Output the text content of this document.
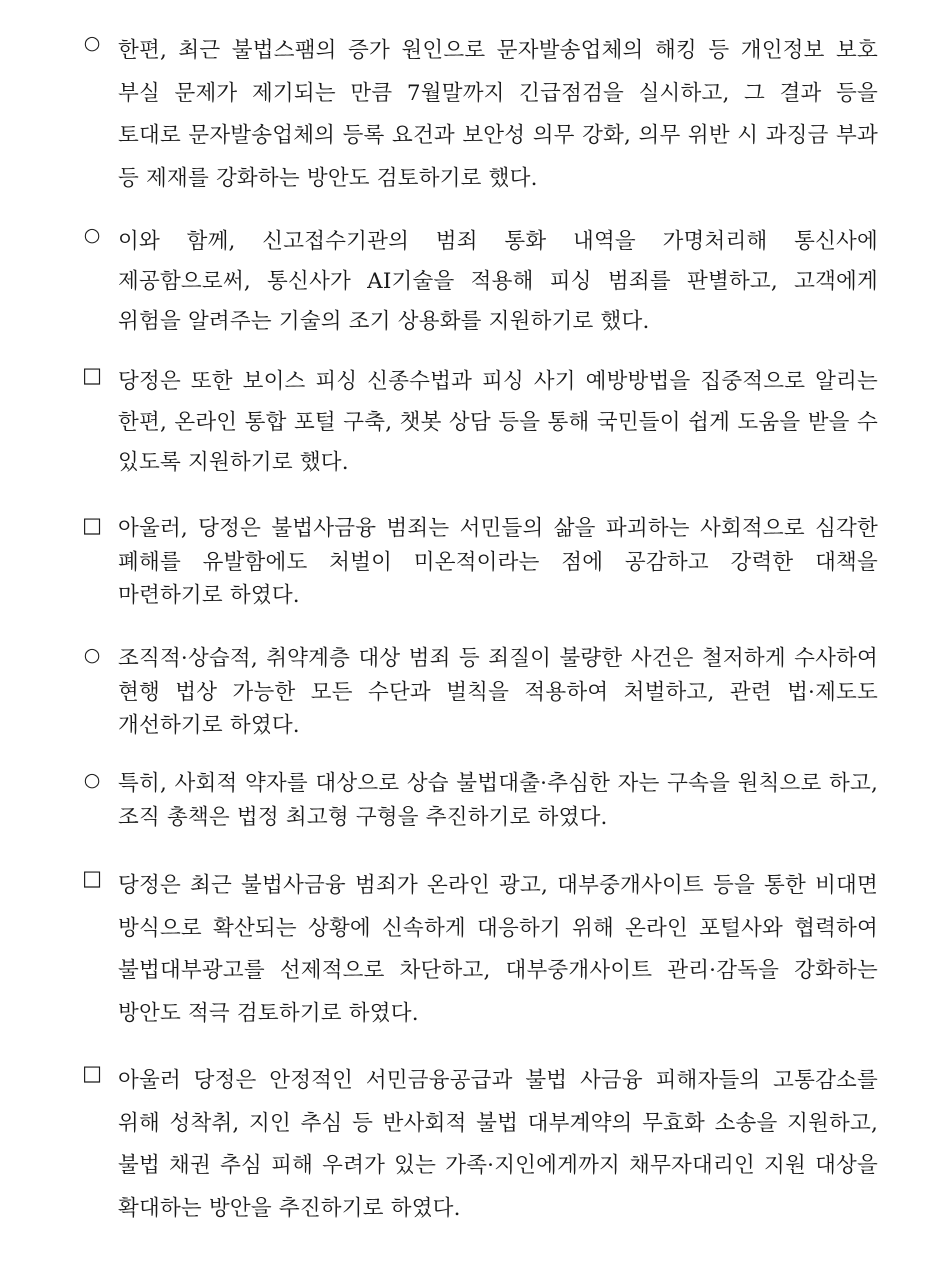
○ 한편, 최근 불법스팸의 증가 원인으로 문자발송업체의 해킹 등 개인정보 보호 부실 문제가 제기되는 만큼 7월말까지 긴급점검을 실시하고, 그 결과 등을 토대로 문자발송업체의 등록 요건과 보안성 의무 강화, 의무 위반 시 과징금 부과 등 제재를 강화하는 방안도 검토하기로 했다.
○ 이와 함께, 신고접수기관의 범죄 통화 내역을 가명처리해 통신사에 제공함으로써, 통신사가 AI기술을 적용해 피싱 범죄를 판별하고, 고객에게 위험을 알려주는 기술의 조기 상용화를 지원하기로 했다.
□ 당정은 또한 보이스 피싱 신종수법과 피싱 사기 예방방법을 집중적으로 알리는 한편, 온라인 통합 포털 구축, 챗봇 상담 등을 통해 국민들이 쉽게 도움을 받을 수 있도록 지원하기로 했다.
□ 아울러, 당정은 불법사금융 범죄는 서민들의 삶을 파괴하는 사회적으로 심각한 폐해를 유발함에도 처벌이 미온적이라는 점에 공감하고 강력한 대책을 마련하기로 하였다.
○ 조직적·상습적, 취약계층 대상 범죄 등 죄질이 불량한 사건은 철저하게 수사하여 현행 법상 가능한 모든 수단과 벌칙을 적용하여 처벌하고, 관련 법·제도도 개선하기로 하였다.
○ 특히, 사회적 약자를 대상으로 상습 불법대출·추심한 자는 구속을 원칙으로 하고, 조직 총책은 법정 최고형 구형을 추진하기로 하였다.
□ 당정은 최근 불법사금융 범죄가 온라인 광고, 대부중개사이트 등을 통한 비대면 방식으로 확산되는 상황에 신속하게 대응하기 위해 온라인 포털사와 협력하여 불법대부광고를 선제적으로 차단하고, 대부중개사이트 관리·감독을 강화하는 방안도 적극 검토하기로 하였다.
□ 아울러 당정은 안정적인 서민금융공급과 불법 사금융 피해자들의 고통감소를 위해 성착취, 지인 추심 등 반사회적 불법 대부계약의 무효화 소송을 지원하고, 불법 채권 추심 피해 우려가 있는 가족·지인에게까지 채무자대리인 지원 대상을 확대하는 방안을 추진하기로 하였다.
